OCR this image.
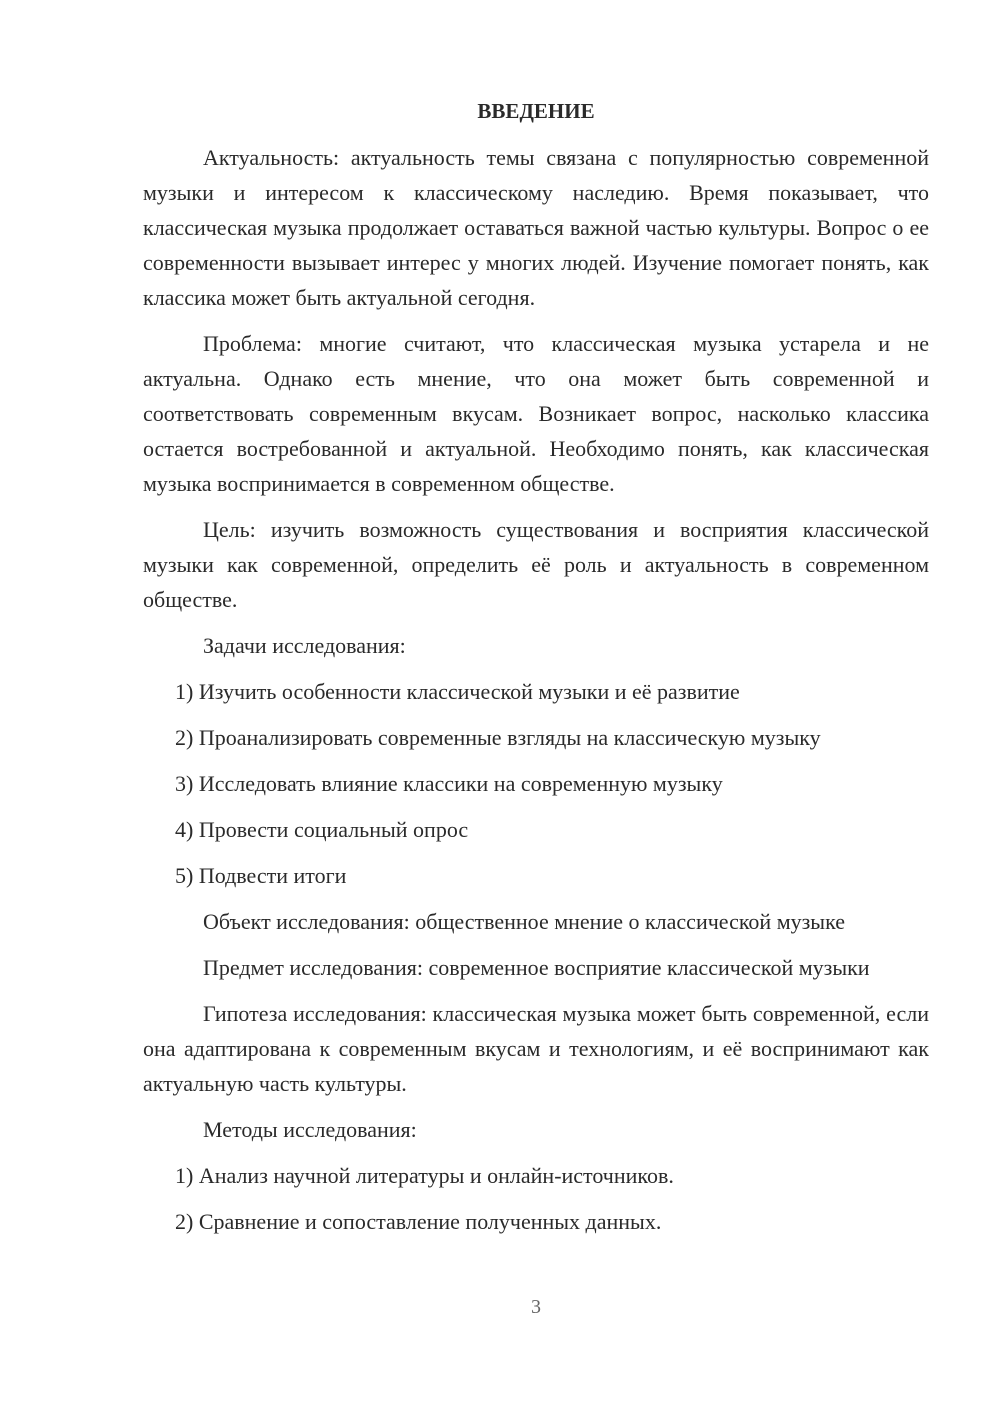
ВВЕДЕНИЕ
Актуальность: актуальность темы связана с популярностью современной музыки и интересом к классическому наследию. Время показывает, что классическая музыка продолжает оставаться важной частью культуры. Вопрос о ее современности вызывает интерес у многих людей. Изучение помогает понять, как классика может быть актуальной сегодня.
Проблема: многие считают, что классическая музыка устарела и не актуальна. Однако есть мнение, что она может быть современной и соответствовать современным вкусам. Возникает вопрос, насколько классика остается востребованной и актуальной. Необходимо понять, как классическая музыка воспринимается в современном обществе.
Цель: изучить возможность существования и восприятия классической музыки как современной, определить её роль и актуальность в современном обществе.
Задачи исследования:
1) Изучить особенности классической музыки и её развитие
2) Проанализировать современные взгляды на классическую музыку
3) Исследовать влияние классики на современную музыку
4) Провести социальный опрос
5) Подвести итоги
Объект исследования: общественное мнение о классической музыке
Предмет исследования: современное восприятие классической музыки
Гипотеза исследования: классическая музыка может быть современной, если она адаптирована к современным вкусам и технологиям, и её воспринимают как актуальную часть культуры.
Методы исследования:
1) Анализ научной литературы и онлайн-источников.
2) Сравнение и сопоставление полученных данных.
3
